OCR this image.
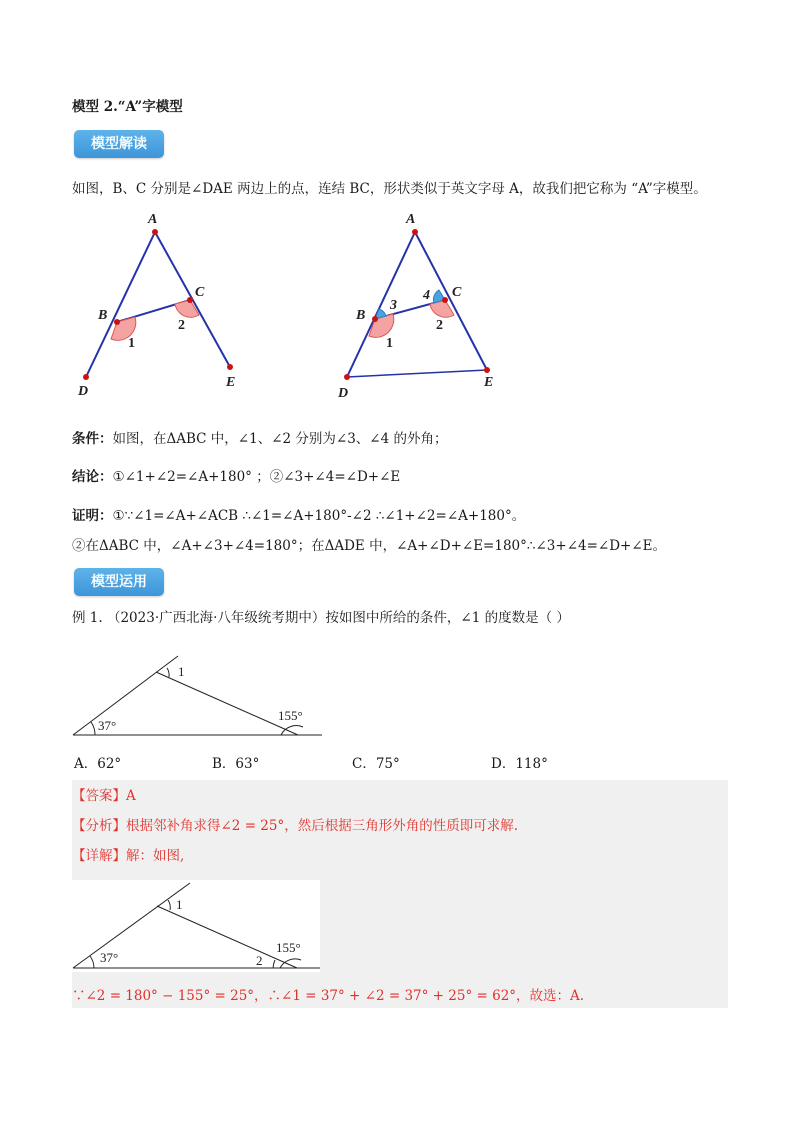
模型 2.“A”字模型
模型解读
如图，B、C 分别是∠DAE 两边上的点，连结 BC，形状类似于英文字母 A，故我们把它称为 “A”字模型。
A
B
C
D
E
1
2
A
B
C
D
E
1
2
3
4
条件：如图，在ΔABC 中，∠1、∠2 分别为∠3、∠4 的外角；
结论：①∠1+∠2=∠A+180° ；②∠3+∠4=∠D+∠E
证明：①∵∠1=∠A+∠ACB ∴∠1=∠A+180°-∠2 ∴∠1+∠2=∠A+180°。
②在ΔABC 中，∠A+∠3+∠4=180°；在ΔADE 中，∠A+∠D+∠E=180°∴∠3+∠4=∠D+∠E。
模型运用
例 1. （2023·广西北海·八年级统考期中）按如图中所给的条件，∠1 的度数是（ ）
1
37°
155°
A．62°	B．63°	C．75°	D．118°
【答案】A
【分析】根据邻补角求得∠2 = 25°，然后根据三角形外角的性质即可求解.
【详解】解：如图,
1
2
37°
155°
∵∠2 = 180° − 155° = 25°，∴∠1 = 37° + ∠2 = 37° + 25° = 62°，故选：A.
